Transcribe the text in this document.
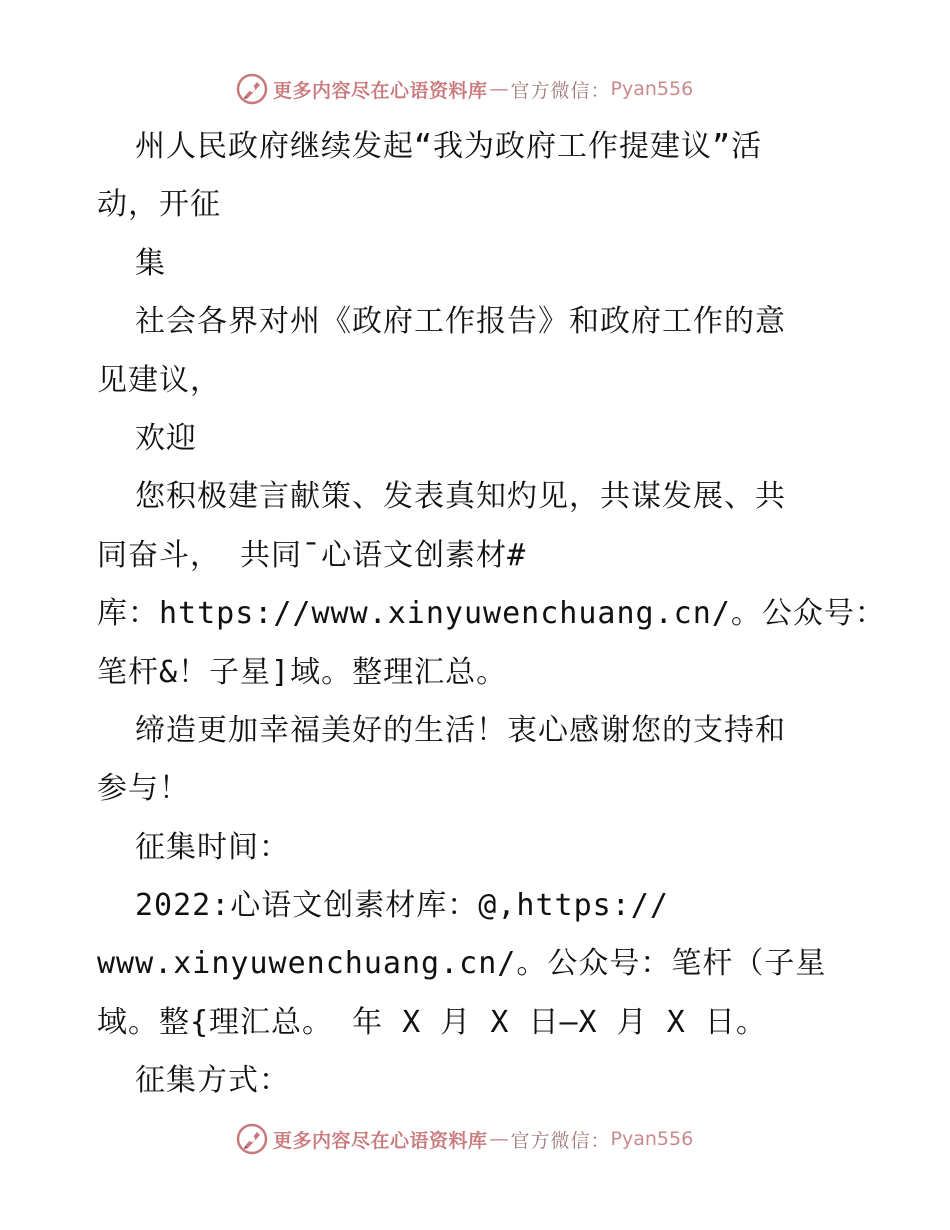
更多内容尽在心语资料库 — 官方微信： Pyan556
州人民政府继续发起“我为政府工作提建议”活
动，开征
集
社会各界对州《政府工作报告》和政府工作的意
见建议，
欢迎
您积极建言献策、发表真知灼见，共谋发展、共
同奋斗， 共同¯心语文创素材#
库：https://www.xinyuwenchuang.cn/。公众号：
笔杆&！子星]域。整理汇总。
缔造更加幸福美好的生活！衷心感谢您的支持和
参与！
征集时间：
2022:心语文创素材库：@,https://
www.xinyuwenchuang.cn/。公众号：笔杆（子星
域。整{理汇总。 年 X 月 X 日—X 月 X 日。
征集方式：
更多内容尽在心语资料库 — 官方微信： Pyan556
